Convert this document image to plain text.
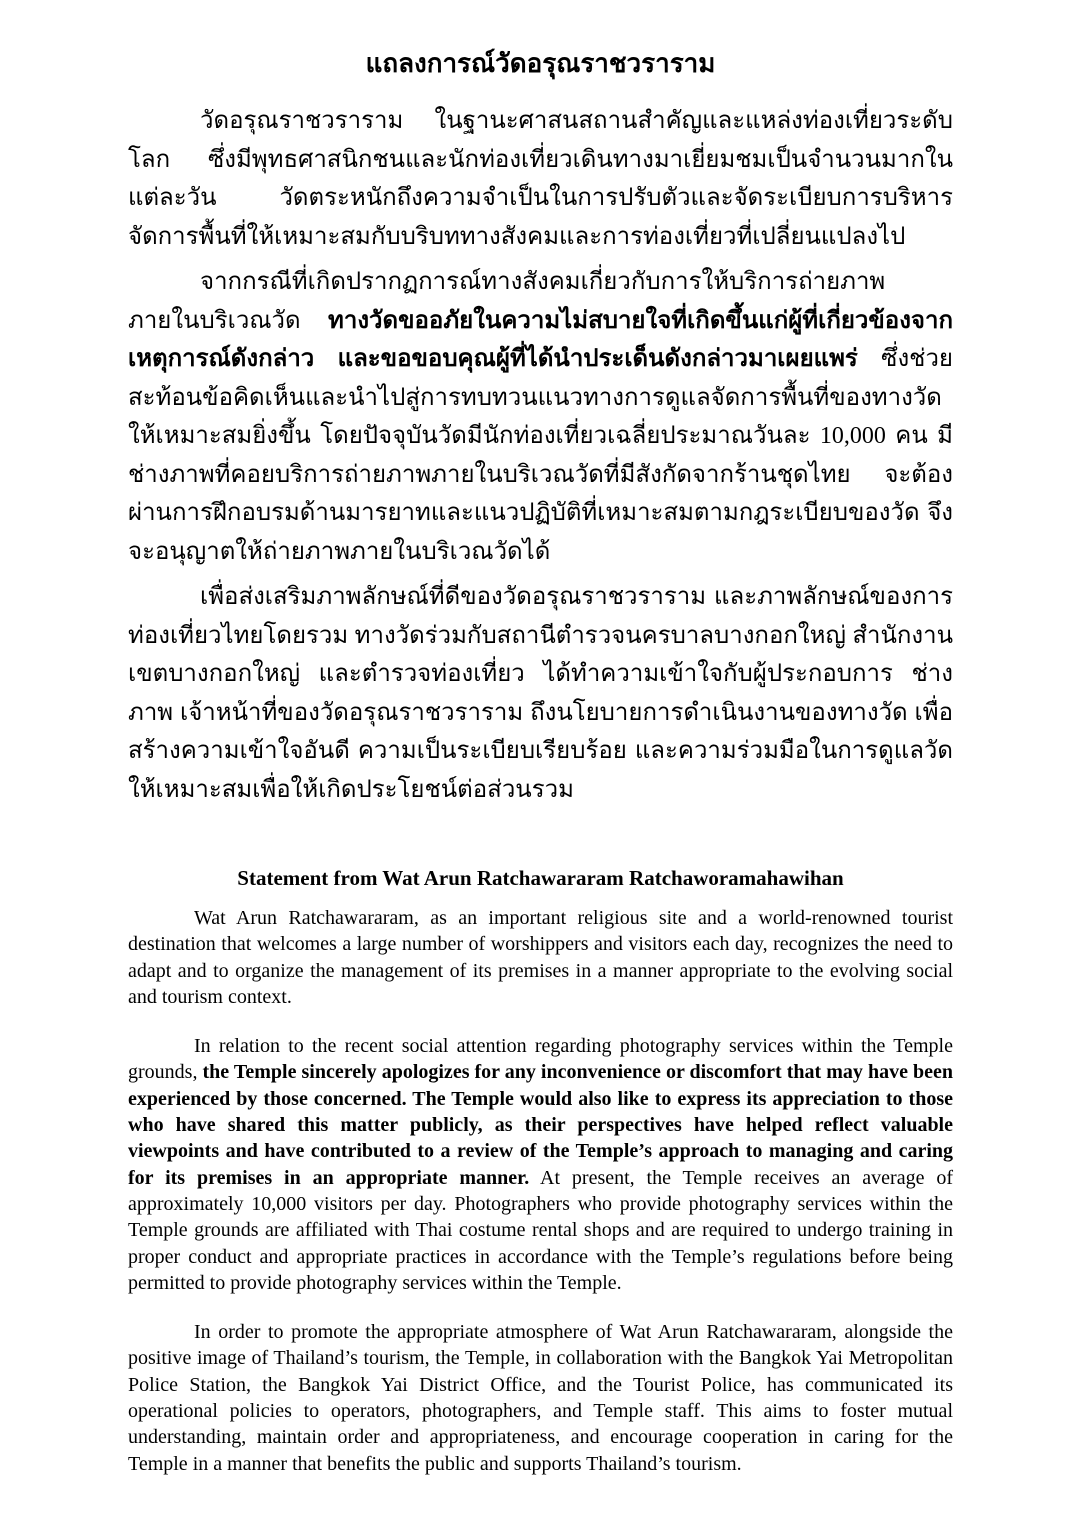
แถลงการณ์วัดอรุณราชวราราม

วัดอรุณราชวราราม ในฐานะศาสนสถานสำคัญและแหล่งท่องเที่ยวระดับโลก ซึ่งมีพุทธศาสนิกชนและนักท่องเที่ยวเดินทางมาเยี่ยมชมเป็นจำนวนมากในแต่ละวัน วัดตระหนักถึงความจำเป็นในการปรับตัวและจัดระเบียบการบริหารจัดการพื้นที่ให้เหมาะสมกับบริบททางสังคมและการท่องเที่ยวที่เปลี่ยนแปลงไป

จากกรณีที่เกิดปรากฏการณ์ทางสังคมเกี่ยวกับการให้บริการถ่ายภาพภายในบริเวณวัด ทางวัดขออภัยในความไม่สบายใจที่เกิดขึ้นแก่ผู้ที่เกี่ยวข้องจากเหตุการณ์ดังกล่าว และขอขอบคุณผู้ที่ได้นำประเด็นดังกล่าวมาเผยแพร่ ซึ่งช่วยสะท้อนข้อคิดเห็นและนำไปสู่การทบทวนแนวทางการดูแลจัดการพื้นที่ของทางวัดให้เหมาะสมยิ่งขึ้น โดยปัจจุบันวัดมีนักท่องเที่ยวเฉลี่ยประมาณวันละ 10,000 คน มีช่างภาพที่คอยบริการถ่ายภาพภายในบริเวณวัดที่มีสังกัดจากร้านชุดไทย จะต้องผ่านการฝึกอบรมด้านมารยาทและแนวปฏิบัติที่เหมาะสมตามกฎระเบียบของวัด จึงจะอนุญาตให้ถ่ายภาพภายในบริเวณวัดได้

เพื่อส่งเสริมภาพลักษณ์ที่ดีของวัดอรุณราชวราราม และภาพลักษณ์ของการท่องเที่ยวไทยโดยรวม ทางวัดร่วมกับสถานีตำรวจนครบาลบางกอกใหญ่ สำนักงานเขตบางกอกใหญ่ และตำรวจท่องเที่ยว ได้ทำความเข้าใจกับผู้ประกอบการ ช่างภาพ เจ้าหน้าที่ของวัดอรุณราชวราราม ถึงนโยบายการดำเนินงานของทางวัด เพื่อสร้างความเข้าใจอันดี ความเป็นระเบียบเรียบร้อย และความร่วมมือในการดูแลวัดให้เหมาะสมเพื่อให้เกิดประโยชน์ต่อส่วนรวม

Statement from Wat Arun Ratchawararam Ratchaworamahawihan

Wat Arun Ratchawararam, as an important religious site and a world-renowned tourist destination that welcomes a large number of worshippers and visitors each day, recognizes the need to adapt and to organize the management of its premises in a manner appropriate to the evolving social and tourism context.

In relation to the recent social attention regarding photography services within the Temple grounds, the Temple sincerely apologizes for any inconvenience or discomfort that may have been experienced by those concerned. The Temple would also like to express its appreciation to those who have shared this matter publicly, as their perspectives have helped reflect valuable viewpoints and have contributed to a review of the Temple’s approach to managing and caring for its premises in an appropriate manner. At present, the Temple receives an average of approximately 10,000 visitors per day. Photographers who provide photography services within the Temple grounds are affiliated with Thai costume rental shops and are required to undergo training in proper conduct and appropriate practices in accordance with the Temple’s regulations before being permitted to provide photography services within the Temple.

In order to promote the appropriate atmosphere of Wat Arun Ratchawararam, alongside the positive image of Thailand’s tourism, the Temple, in collaboration with the Bangkok Yai Metropolitan Police Station, the Bangkok Yai District Office, and the Tourist Police, has communicated its operational policies to operators, photographers, and Temple staff. This aims to foster mutual understanding, maintain order and appropriateness, and encourage cooperation in caring for the Temple in a manner that benefits the public and supports Thailand’s tourism.
